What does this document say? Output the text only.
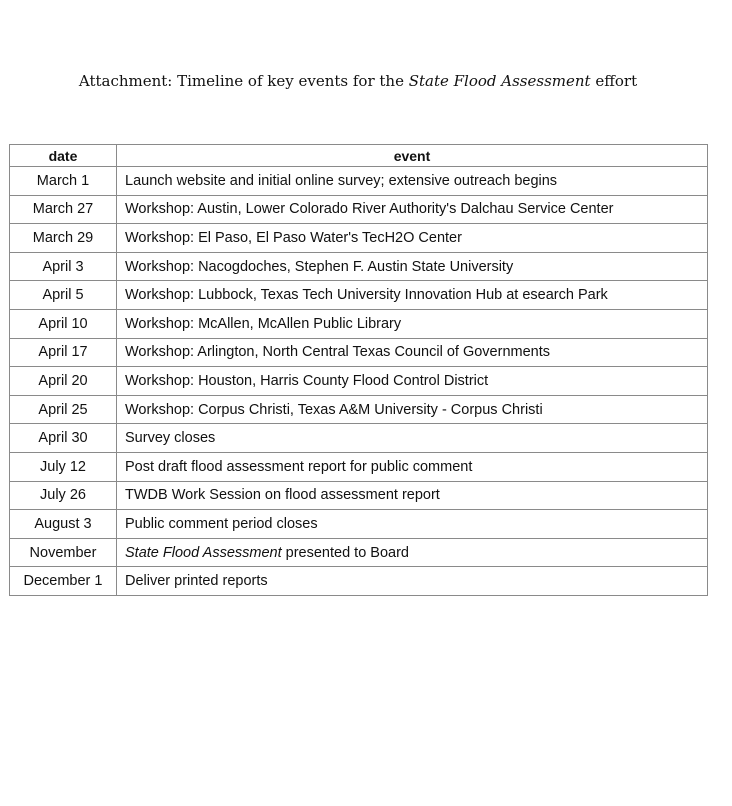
Attachment: Timeline of key events for the State Flood Assessment effort
date	event
March 1	Launch website and initial online survey; extensive outreach begins
March 27	Workshop: Austin, Lower Colorado River Authority's Dalchau Service Center
March 29	Workshop: El Paso, El Paso Water's TecH2O Center
April 3	Workshop: Nacogdoches, Stephen F. Austin State University
April 5	Workshop: Lubbock, Texas Tech University Innovation Hub at esearch Park
April 10	Workshop: McAllen, McAllen Public Library
April 17	Workshop: Arlington, North Central Texas Council of Governments
April 20	Workshop: Houston, Harris County Flood Control District
April 25	Workshop: Corpus Christi, Texas A&M University - Corpus Christi
April 30	Survey closes
July 12	Post draft flood assessment report for public comment
July 26	TWDB Work Session on flood assessment report
August 3	Public comment period closes
November	State Flood Assessment presented to Board
December 1	Deliver printed reports
